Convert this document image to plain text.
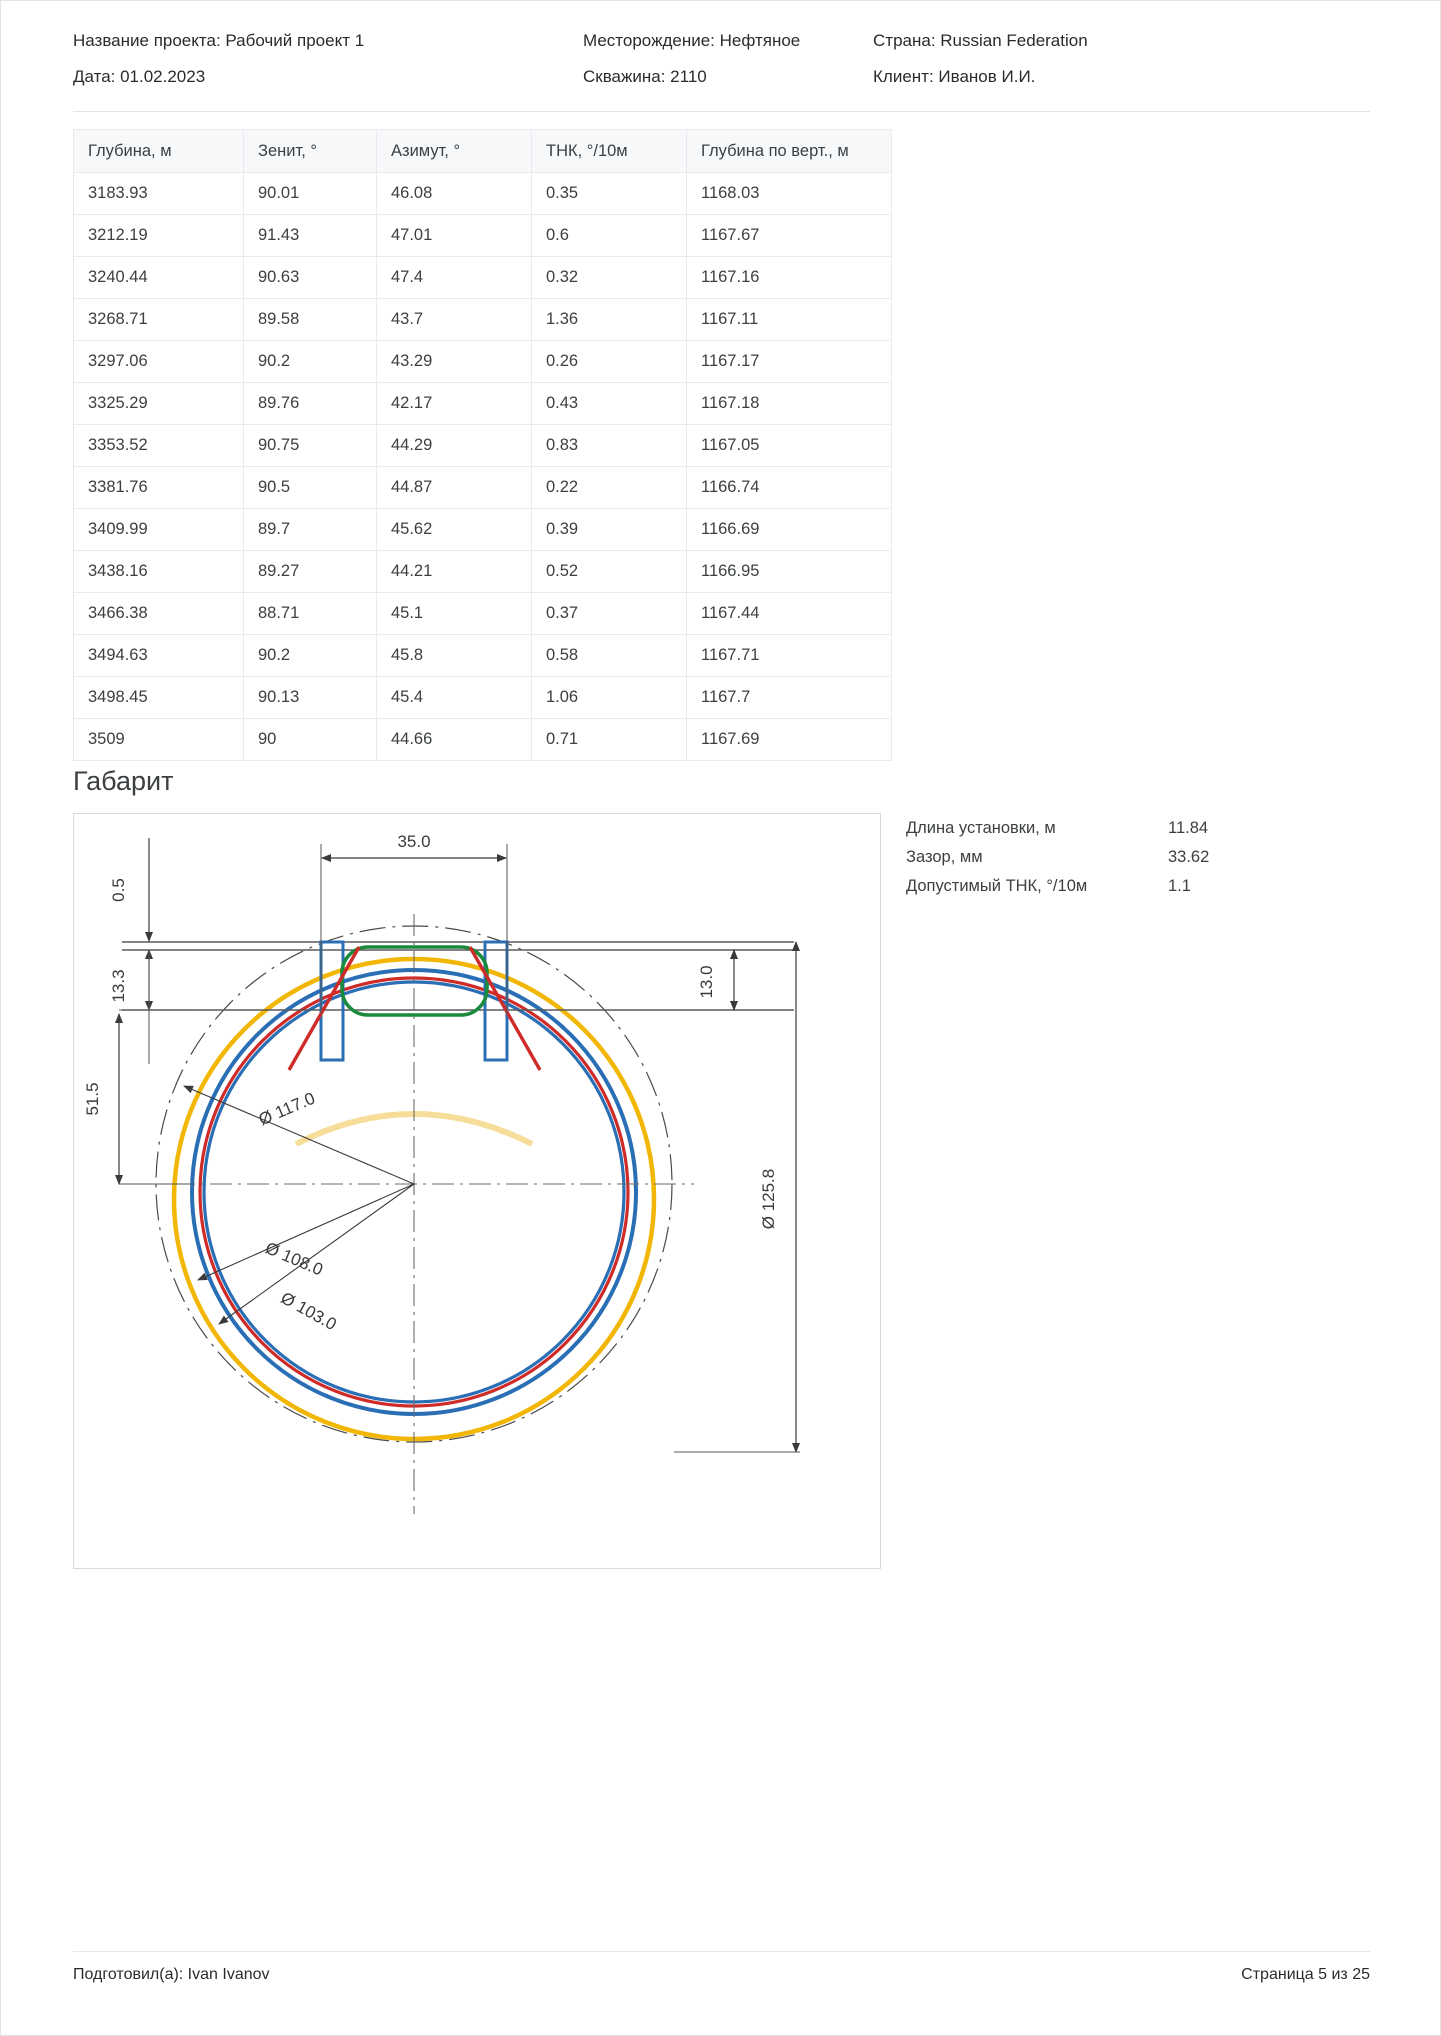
Название проекта: Рабочий проект 1	Месторождение: Нефтяное	Страна: Russian Federation
Дата: 01.02.2023	Скважина: 2110	Клиент: Иванов И.И.
Глубина, м	Зенит, °	Азимут, °	ТНК, °/10м	Глубина по верт., м
3183.93	90.01	46.08	0.35	1168.03
3212.19	91.43	47.01	0.6	1167.67
3240.44	90.63	47.4	0.32	1167.16
3268.71	89.58	43.7	1.36	1167.11
3297.06	90.2	43.29	0.26	1167.17
3325.29	89.76	42.17	0.43	1167.18
3353.52	90.75	44.29	0.83	1167.05
3381.76	90.5	44.87	0.22	1166.74
3409.99	89.7	45.62	0.39	1166.69
3438.16	89.27	44.21	0.52	1166.95
3466.38	88.71	45.1	0.37	1167.44
3494.63	90.2	45.8	0.58	1167.71
3498.45	90.13	45.4	1.06	1167.7
3509	90	44.66	0.71	1167.69
Габарит
35.0
0.5
13.3
51.5
13.0
Ø 125.8
Ø 117.0
Ø 108.0
Ø 103.0
Длина установки, м	11.84
Зазор, мм	33.62
Допустимый ТНК, °/10м	1.1
Подготовил(а): Ivan Ivanov	Страница 5 из 25
